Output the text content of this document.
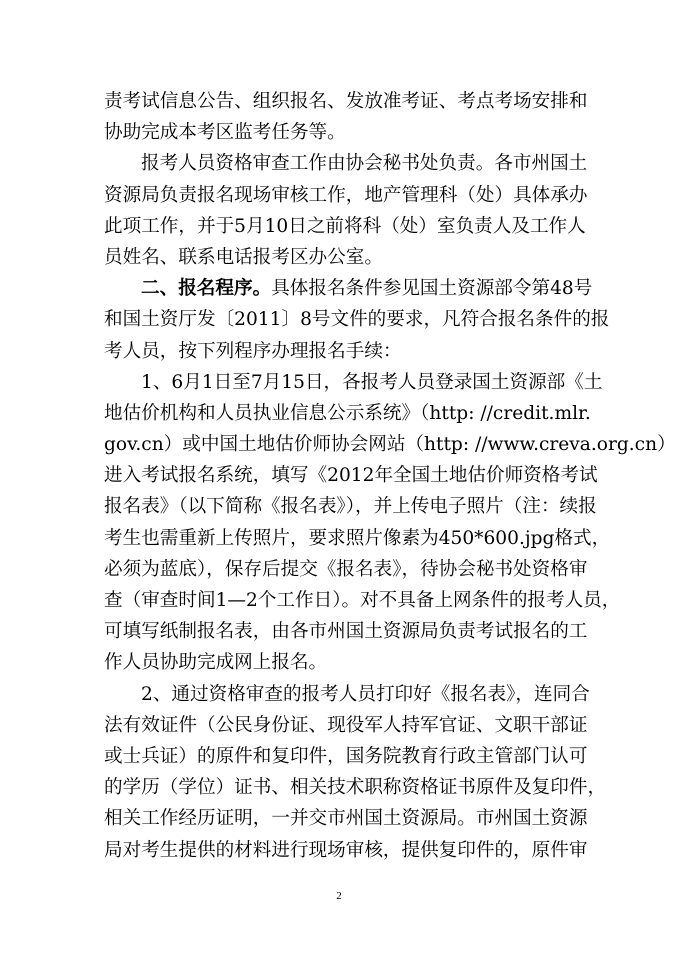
责考试信息公告、组织报名、发放准考证、考点考场安排和
协助完成本考区监考任务等。
报考人员资格审查工作由协会秘书处负责。各市州国土
资源局负责报名现场审核工作，地产管理科（处）具体承办
此项工作，并于5月10日之前将科（处）室负责人及工作人
员姓名、联系电话报考区办公室。
二、报名程序。具体报名条件参见国土资源部令第48号
和国土资厅发〔2011〕8号文件的要求，凡符合报名条件的报
考人员，按下列程序办理报名手续：
1、6月1日至7月15日，各报考人员登录国土资源部《土
地估价机构和人员执业信息公示系统》（http: //credit.mlr.
gov.cn）或中国土地估价师协会网站（http: //www.creva.org.cn）
进入考试报名系统，填写《2012年全国土地估价师资格考试
报名表》（以下简称《报名表》），并上传电子照片（注：续报
考生也需重新上传照片，要求照片像素为450*600.jpg格式，
必须为蓝底），保存后提交《报名表》，待协会秘书处资格审
查（审查时间1—2个工作日）。对不具备上网条件的报考人员，
可填写纸制报名表，由各市州国土资源局负责考试报名的工
作人员协助完成网上报名。
2、通过资格审查的报考人员打印好《报名表》，连同合
法有效证件（公民身份证、现役军人持军官证、文职干部证
或士兵证）的原件和复印件，国务院教育行政主管部门认可
的学历（学位）证书、相关技术职称资格证书原件及复印件，
相关工作经历证明，一并交市州国土资源局。市州国土资源
局对考生提供的材料进行现场审核，提供复印件的，原件审
2
